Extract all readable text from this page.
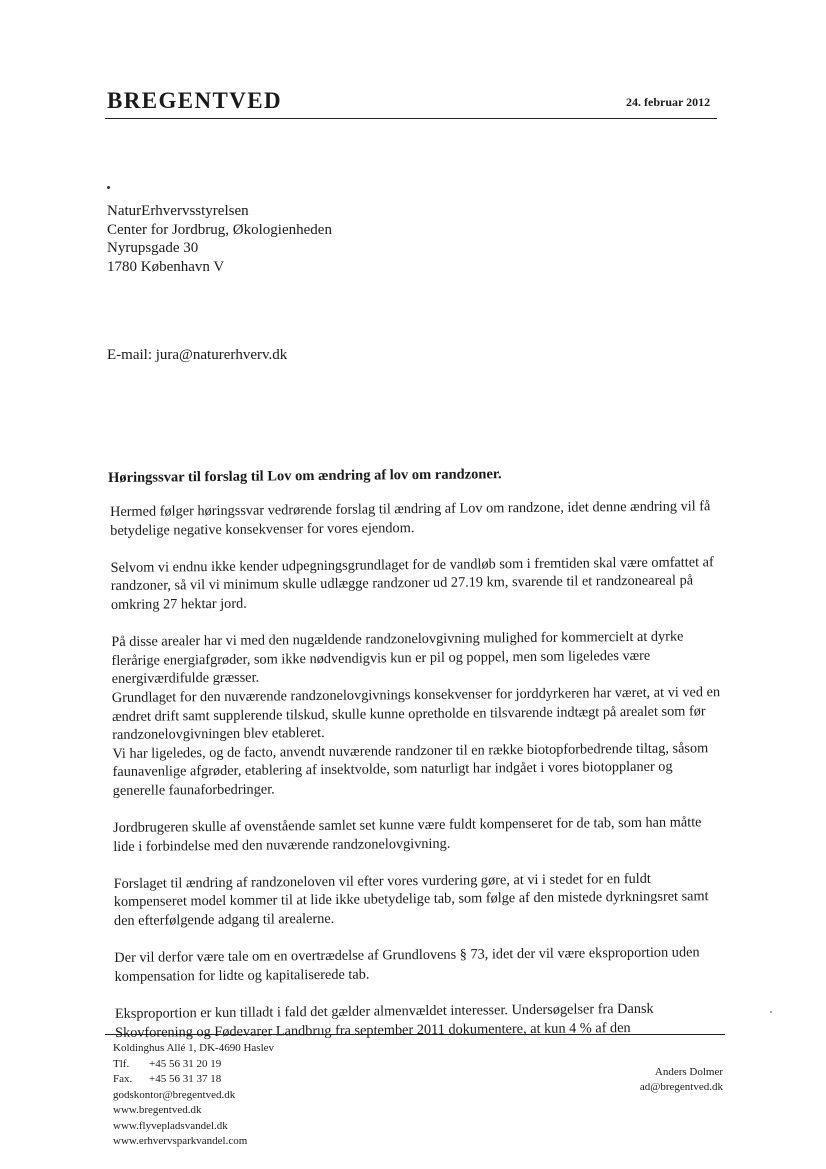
BREGENTVED	24. februar 2012
NaturErhvervsstyrelsen
Center for Jordbrug, Økologienheden
Nyrupsgade 30
1780 København V
E-mail: jura@naturerhverv.dk
Høringssvar til forslag til Lov om ændring af lov om randzoner.

Hermed følger høringssvar vedrørende forslag til ændring af Lov om randzone, idet denne ændring vil få betydelige negative konsekvenser for vores ejendom.

Selvom vi endnu ikke kender udpegningsgrundlaget for de vandløb som i fremtiden skal være omfattet af randzoner, så vil vi minimum skulle udlægge randzoner ud 27.19 km, svarende til et randzoneareal på omkring 27 hektar jord.

På disse arealer har vi med den nugældende randzonelovgivning mulighed for kommercielt at dyrke flerårige energiafgrøder, som ikke nødvendigvis kun er pil og poppel, men som ligeledes være energiværdifulde græsser.

Grundlaget for den nuværende randzonelovgivnings konsekvenser for jorddyrkeren har været, at vi ved en ændret drift samt supplerende tilskud, skulle kunne opretholde en tilsvarende indtægt på arealet som før randzonelovgivningen blev etableret.

Vi har ligeledes, og de facto, anvendt nuværende randzoner til en række biotopforbedrende tiltag, såsom faunavenlige afgrøder, etablering af insektvolde, som naturligt har indgået i vores biotopplaner og generelle faunaforbedringer.

Jordbrugeren skulle af ovenstående samlet set kunne være fuldt kompenseret for de tab, som han måtte lide i forbindelse med den nuværende randzonelovgivning.

Forslaget til ændring af randzoneloven vil efter vores vurdering gøre, at vi i stedet for en fuldt kompenseret model kommer til at lide ikke ubetydelige tab, som følge af den mistede dyrkningsret samt den efterfølgende adgang til arealerne.

Der vil derfor være tale om en overtrædelse af Grundlovens § 73, idet der vil være eksproportion uden kompensation for lidte og kapitaliserede tab.

Eksproportion er kun tilladt i fald det gælder almenvældet interesser. Undersøgelser fra Dansk Skovforening og Fødevarer Landbrug fra september 2011 dokumentere, at kun 4 % af den

Koldinghus Allé 1, DK-4690 Haslev
Tlf. +45 56 31 20 19
Fax. +45 56 31 37 18
godskontor@bregentved.dk
www.bregentved.dk
www.flyvepladsvandel.dk
www.erhvervsparkvandel.com
Anders Dolmer
ad@bregentved.dk
